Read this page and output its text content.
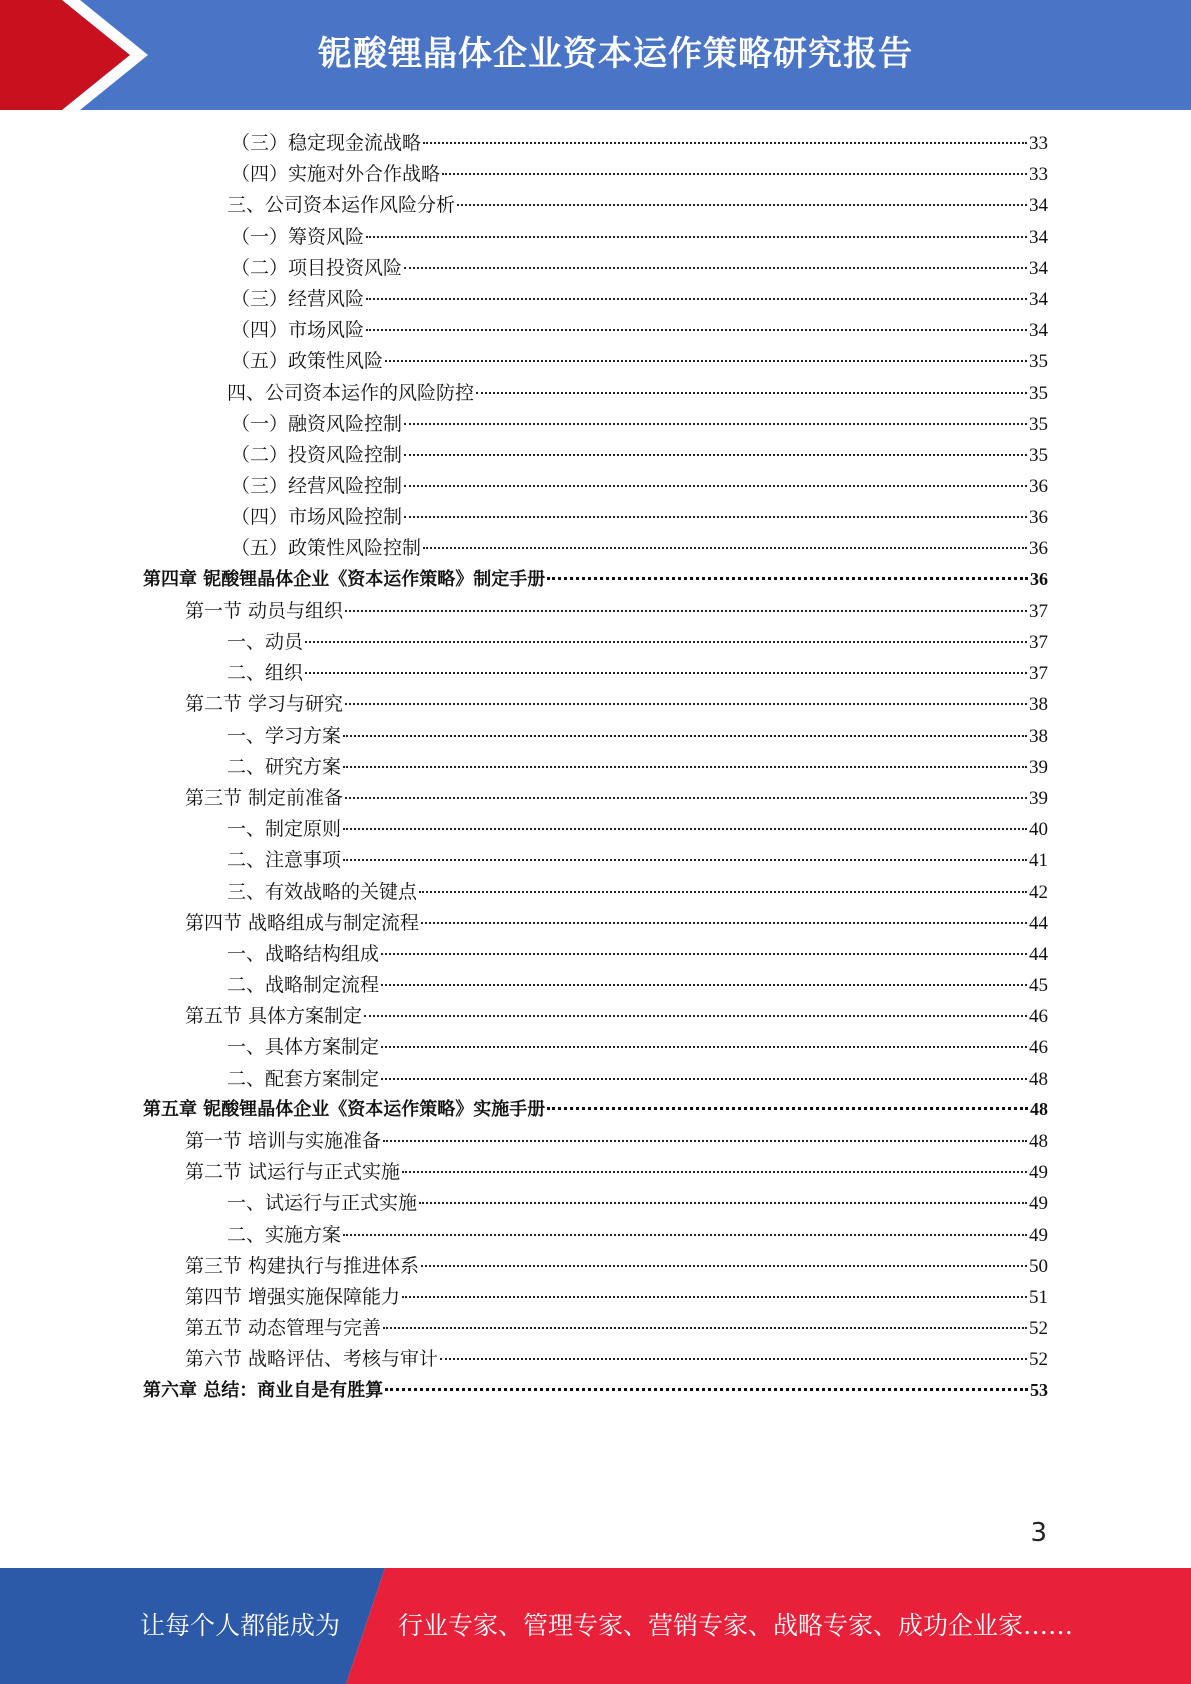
铌酸锂晶体企业资本运作策略研究报告
（三）稳定现金流战略	33
（四）实施对外合作战略	33
三、公司资本运作风险分析	34
（一）筹资风险	34
（二）项目投资风险	34
（三）经营风险	34
（四）市场风险	34
（五）政策性风险	35
四、公司资本运作的风险防控	35
（一）融资风险控制	35
（二）投资风险控制	35
（三）经营风险控制	36
（四）市场风险控制	36
（五）政策性风险控制	36
第四章 铌酸锂晶体企业《资本运作策略》制定手册	36
第一节 动员与组织	37
一、动员	37
二、组织	37
第二节 学习与研究	38
一、学习方案	38
二、研究方案	39
第三节 制定前准备	39
一、制定原则	40
二、注意事项	41
三、有效战略的关键点	42
第四节 战略组成与制定流程	44
一、战略结构组成	44
二、战略制定流程	45
第五节 具体方案制定	46
一、具体方案制定	46
二、配套方案制定	48
第五章 铌酸锂晶体企业《资本运作策略》实施手册	48
第一节 培训与实施准备	48
第二节 试运行与正式实施	49
一、试运行与正式实施	49
二、实施方案	49
第三节 构建执行与推进体系	50
第四节 增强实施保障能力	51
第五节 动态管理与完善	52
第六节 战略评估、考核与审计	52
第六章 总结：商业自是有胜算	53
3
让每个人都能成为 行业专家、管理专家、营销专家、战略专家、成功企业家……
